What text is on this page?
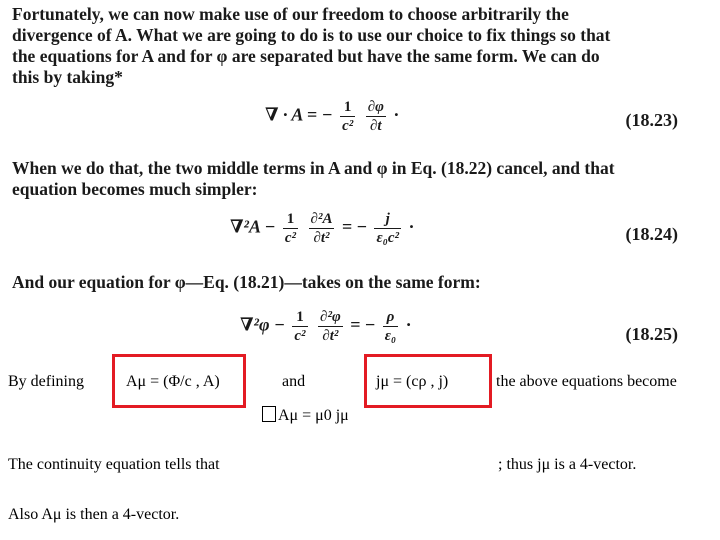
Fortunately, we can now make use of our freedom to choose arbitrarily the
divergence of A. What we are going to do is to use our choice to fix things so that
the equations for A and for φ are separated but have the same form. We can do
this by taking*
∇ · A = − $\frac{1}{\text{c²}}$
$\frac{\partial\varphi}{\partial t}$ ·	(18.23)
When we do that, the two middle terms in A and φ in Eq. (18.22) cancel, and that
equation becomes much simpler:
$\nabla^2A - \frac{1}{\text{c²}}$
$\frac{\text{∂²A}}{\text{∂t²}}$ = − $\frac{j}{\text{ε₀c²}}$ ·	(18.24)
And our equation for φ—Eq. (18.21)—takes on the same form:
$\nabla^2\varphi - \frac{1}{\text{c²}}$
$\frac{\text{∂²φ}}{\text{∂t²}}$ = − $\frac{\rho}{\text{ε₀}}$ ·	(18.25)
By defining	Aμ = (Φ/c , A)	and	jμ = (cρ , j)	the above equations become
Aμ = μ0 jμ
The continuity equation tells that	; thus jμ is a 4-vector.
Also Aμ is then a 4-vector.
